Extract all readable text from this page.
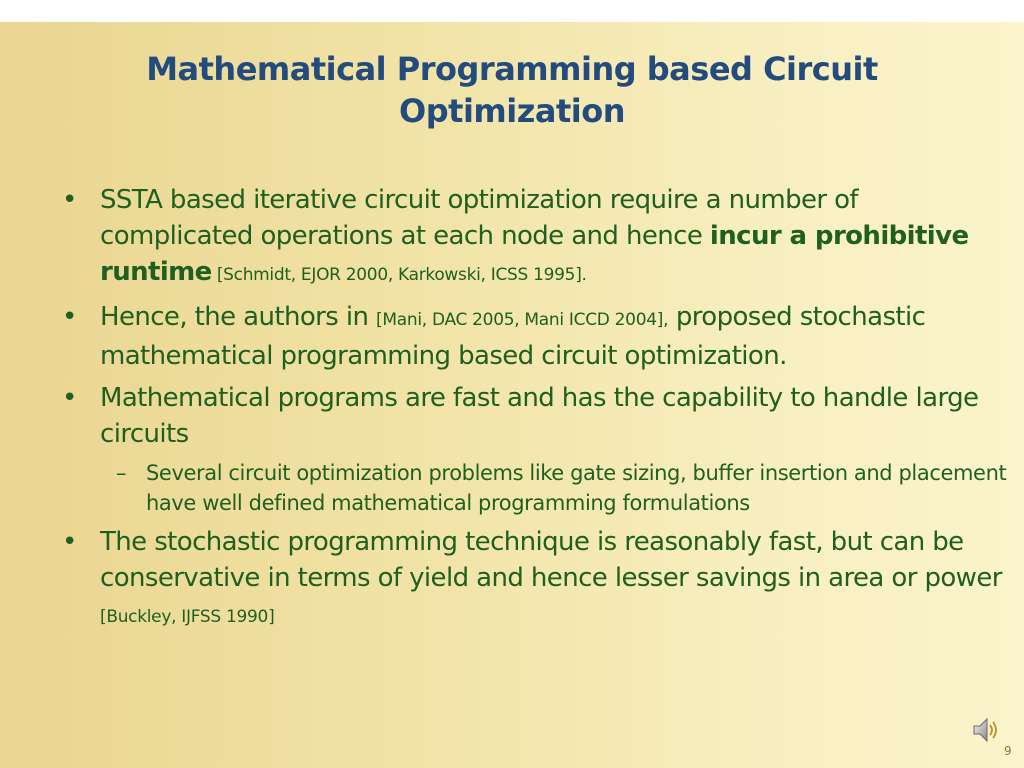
Mathematical Programming based Circuit Optimization
• SSTA based iterative circuit optimization require a number of complicated operations at each node and hence incur a prohibitive runtime [Schmidt, EJOR 2000, Karkowski, ICSS 1995].
• Hence, the authors in [Mani, DAC 2005, Mani ICCD 2004], proposed stochastic mathematical programming based circuit optimization.
• Mathematical programs are fast and has the capability to handle large circuits
– Several circuit optimization problems like gate sizing, buffer insertion and placement have well defined mathematical programming formulations
• The stochastic programming technique is reasonably fast, but can be conservative in terms of yield and hence lesser savings in area or power [Buckley, IJFSS 1990]
9
